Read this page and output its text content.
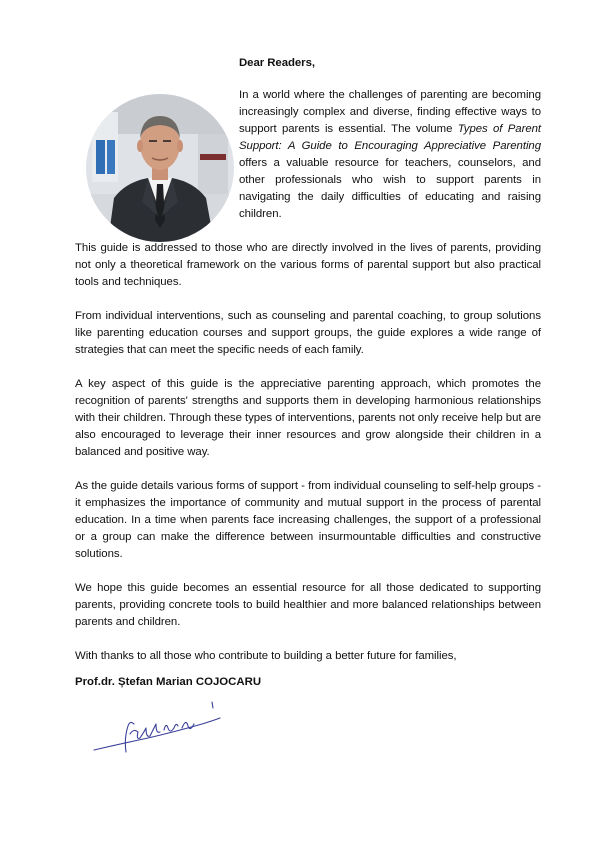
Dear Readers,

In a world where the challenges of parenting are becoming increasingly complex and diverse, finding effective ways to support parents is essential. The volume Types of Parent Support: A Guide to Encouraging Appreciative Parenting offers a valuable resource for teachers, counselors, and other professionals who wish to support parents in navigating the daily difficulties of educating and raising children.

This guide is addressed to those who are directly involved in the lives of parents, providing not only a theoretical framework on the various forms of parental support but also practical tools and techniques.

From individual interventions, such as counseling and parental coaching, to group solutions like parenting education courses and support groups, the guide explores a wide range of strategies that can meet the specific needs of each family.

A key aspect of this guide is the appreciative parenting approach, which promotes the recognition of parents' strengths and supports them in developing harmonious relationships with their children. Through these types of interventions, parents not only receive help but are also encouraged to leverage their inner resources and grow alongside their children in a balanced and positive way.

As the guide details various forms of support - from individual counseling to self-help groups - it emphasizes the importance of community and mutual support in the process of parental education. In a time when parents face increasing challenges, the support of a professional or a group can make the difference between insurmountable difficulties and constructive solutions.

We hope this guide becomes an essential resource for all those dedicated to supporting parents, providing concrete tools to build healthier and more balanced relationships between parents and children.

With thanks to all those who contribute to building a better future for families,

Prof.dr. Ștefan Marian COJOCARU
